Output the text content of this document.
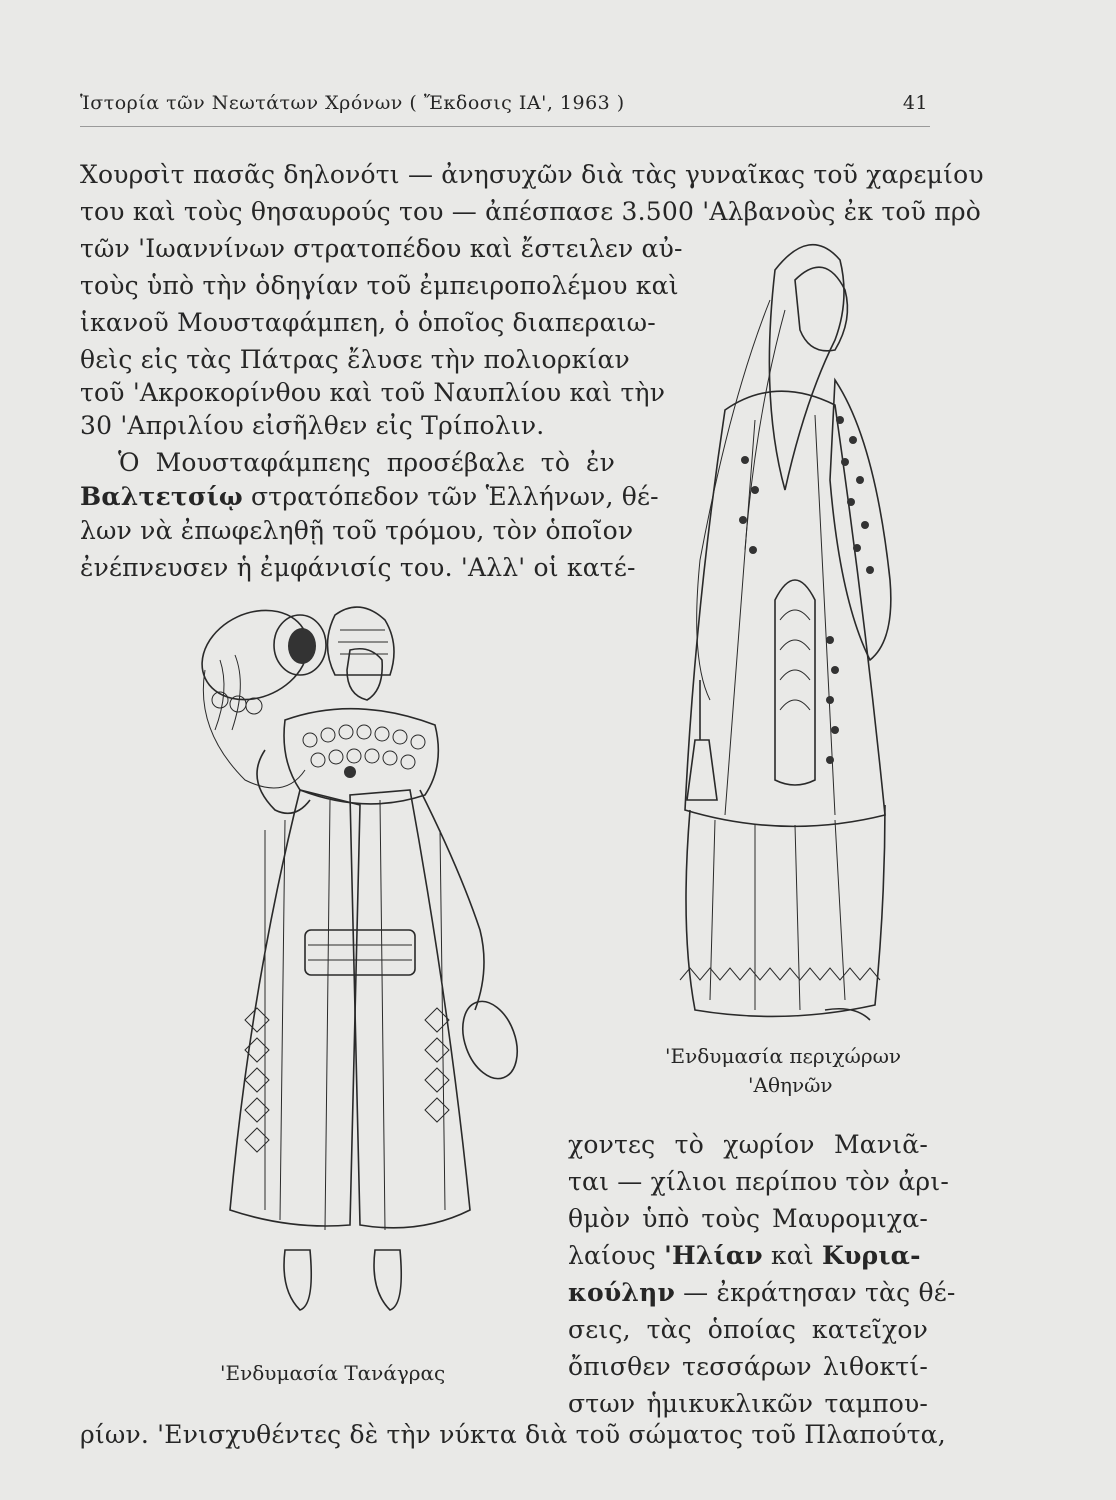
Ἱστορία τῶν Νεωτάτων Χρόνων ( Ἔκδοσις ΙΑ', 1963 )	41
Χουρσὶτ πασᾶς δηλονότι — ἀνησυχῶν διὰ τὰς γυναῖκας τοῦ χαρεμίου
του καὶ τοὺς θησαυρούς του — ἀπέσπασε 3.500 'Αλβανοὺς ἐκ τοῦ πρὸ
τῶν 'Ιωαννίνων στρατοπέδου καὶ ἔστειλεν αὐ-
τοὺς ὑπὸ τὴν ὁδηγίαν τοῦ ἐμπειροπολέμου καὶ
ἱκανοῦ Μουσταφάμπεη, ὁ ὁποῖος διαπεραιω-
θεὶς εἰς τὰς Πάτρας ἔλυσε τὴν πολιορκίαν
τοῦ 'Ακροκορίνθου καὶ τοῦ Ναυπλίου καὶ τὴν
30 'Απριλίου εἰσῆλθεν εἰς Τρίπολιν.
Ὁ Μουσταφάμπεης προσέβαλε τὸ ἐν
Βαλτετσίῳ στρατόπεδον τῶν Ἑλλήνων, θέ-
λων νὰ ἐπωφεληθῇ τοῦ τρόμου, τὸν ὁποῖον
ἐνέπνευσεν ἡ ἐμφάνισίς του. 'Αλλ' οἱ κατέ-
χοντες τὸ χωρίον Μανιᾶ-
ται — χίλιοι περίπου τὸν ἀρι-
θμὸν ὑπὸ τοὺς Μαυρομιχα-
λαίους 'Ηλίαν καὶ Κυρια-
κούλην — ἐκράτησαν τὰς θέ-
σεις, τὰς ὁποίας κατεῖχον
ὄπισθεν τεσσάρων λιθοκτί-
στων ἡμικυκλικῶν ταμπου-
ρίων. 'Ενισχυθέντες δὲ τὴν νύκτα διὰ τοῦ σώματος τοῦ Πλαπούτα,
'Ενδυμασία Τανάγρας
'Ενδυμασία περιχώρων
'Αθηνῶν
